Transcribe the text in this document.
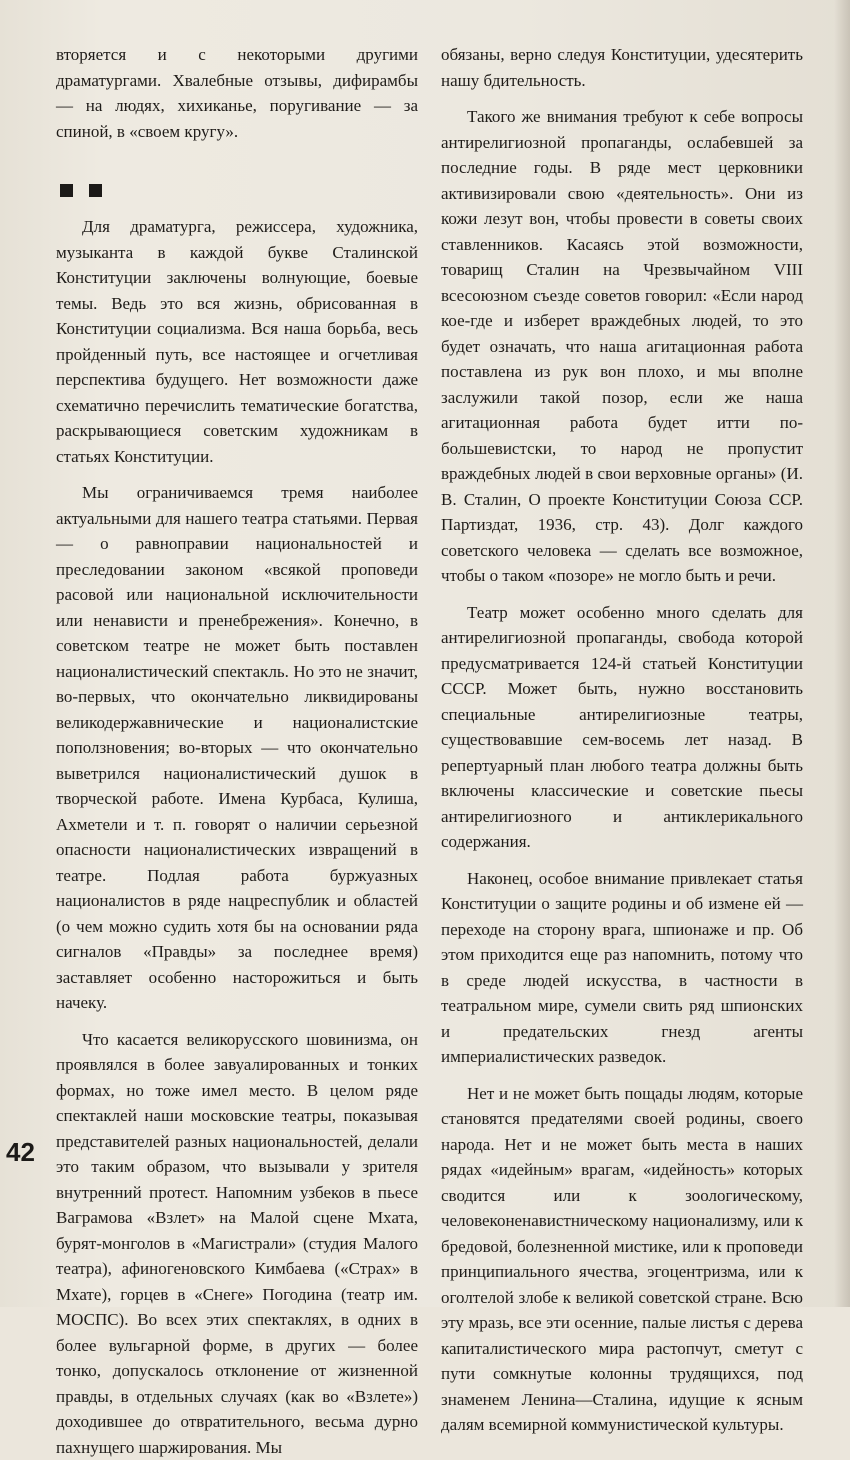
вторяется и с некоторыми другими драматургами. Хвалебные отзывы, дифирамбы — на людях, хихиканье, поругивание — за спиной, в «своем кругу».

Для драматурга, режиссера, художника, музыканта в каждой букве Сталинской Конституции заключены волнующие, боевые темы. Ведь это вся жизнь, обрисованная в Конституции социализма. Вся наша борьба, весь пройденный путь, все настоящее и огчетливая перспектива будущего. Нет возможности даже схематично перечислить тематические богатства, раскрывающиеся советским художникам в статьях Конституции.

Мы ограничиваемся тремя наиболее актуальными для нашего театра статьями. Первая — о равноправии национальностей и преследовании законом «всякой проповеди расовой или национальной исключительности или ненависти и пренебрежения». Конечно, в советском театре не может быть поставлен националистический спектакль. Но это не значит, во-первых, что окончательно ликвидированы великодержавнические и националистские поползновения; во-вторых — что окончательно выветрился националистический душок в творческой работе. Имена Курбаса, Кулиша, Ахметели и т. п. говорят о наличии серьезной опасности националистических извращений в театре. Подлая работа буржуазных националистов в ряде нацреспублик и областей (о чем можно судить хотя бы на основании ряда сигналов «Правды» за последнее время) заставляет особенно насторожиться и быть начеку.

Что касается великорусского шовинизма, он проявлялся в более завуалированных и тонких формах, но тоже имел место. В целом ряде спектаклей наши московские театры, показывая представителей разных национальностей, делали это таким образом, что вызывали у зрителя внутренний протест. Напомним узбеков в пьесе Ваграмова «Взлет» на Малой сцене Мхата, бурят-монголов в «Магистрали» (студия Малого театра), афиногеновского Кимбаева («Страх» в Мхате), горцев в «Снеге» Погодина (театр им. МОСПС). Во всех этих спектаклях, в одних в более вульгарной форме, в других — более тонко, допускалось отклонение от жизненной правды, в отдельных случаях (как во «Взлете») доходившее до отвратительного, весьма дурно пахнущего шаржирования. Мы

обязаны, верно следуя Конституции, удесятерить нашу бдительность.

Такого же внимания требуют к себе вопросы антирелигиозной пропаганды, ослабевшей за последние годы. В ряде мест церковники активизировали свою «деятельность». Они из кожи лезут вон, чтобы провести в советы своих ставленников. Касаясь этой возможности, товарищ Сталин на Чрезвычайном VIII всесоюзном съезде советов говорил: «Если народ кое-где и изберет враждебных людей, то это будет означать, что наша агитационная работа поставлена из рук вон плохо, и мы вполне заслужили такой позор, если же наша агитационная работа будет итти по-большевистски, то народ не пропустит враждебных людей в свои верховные органы» (И. В. Сталин, О проекте Конституции Союза ССР. Партиздат, 1936, стр. 43). Долг каждого советского человека — сделать все возможное, чтобы о таком «позоре» не могло быть и речи.

Театр может особенно много сделать для антирелигиозной пропаганды, свобода которой предусматривается 124-й статьей Конституции СССР. Может быть, нужно восстановить специальные антирелигиозные театры, существовавшие сем-восемь лет назад. В репертуарный план любого театра должны быть включены классические и советские пьесы антирелигиозного и антиклерикального содержания.

Наконец, особое внимание привлекает статья Конституции о защите родины и об измене ей — переходе на сторону врага, шпионаже и пр. Об этом приходится еще раз напомнить, потому что в среде людей искусства, в частности в театральном мире, сумели свить ряд шпионских и предательских гнезд агенты империалистических разведок.

Нет и не может быть пощады людям, которые становятся предателями своей родины, своего народа. Нет и не может быть места в наших рядах «идейным» врагам, «идейность» которых сводится или к зоологическому, человеконенавистническому национализму, или к бредовой, болезненной мистике, или к проповеди принципиального ячества, эгоцентризма, или к оголтелой злобе к великой советской стране. Всю эту мразь, все эти осенние, палые листья с дерева капиталистического мира растопчут, сметут с пути сомкнутые колонны трудящихся, под знаменем Ленина—Сталина, идущие к ясным далям всемирной коммунистической культуры.

42
